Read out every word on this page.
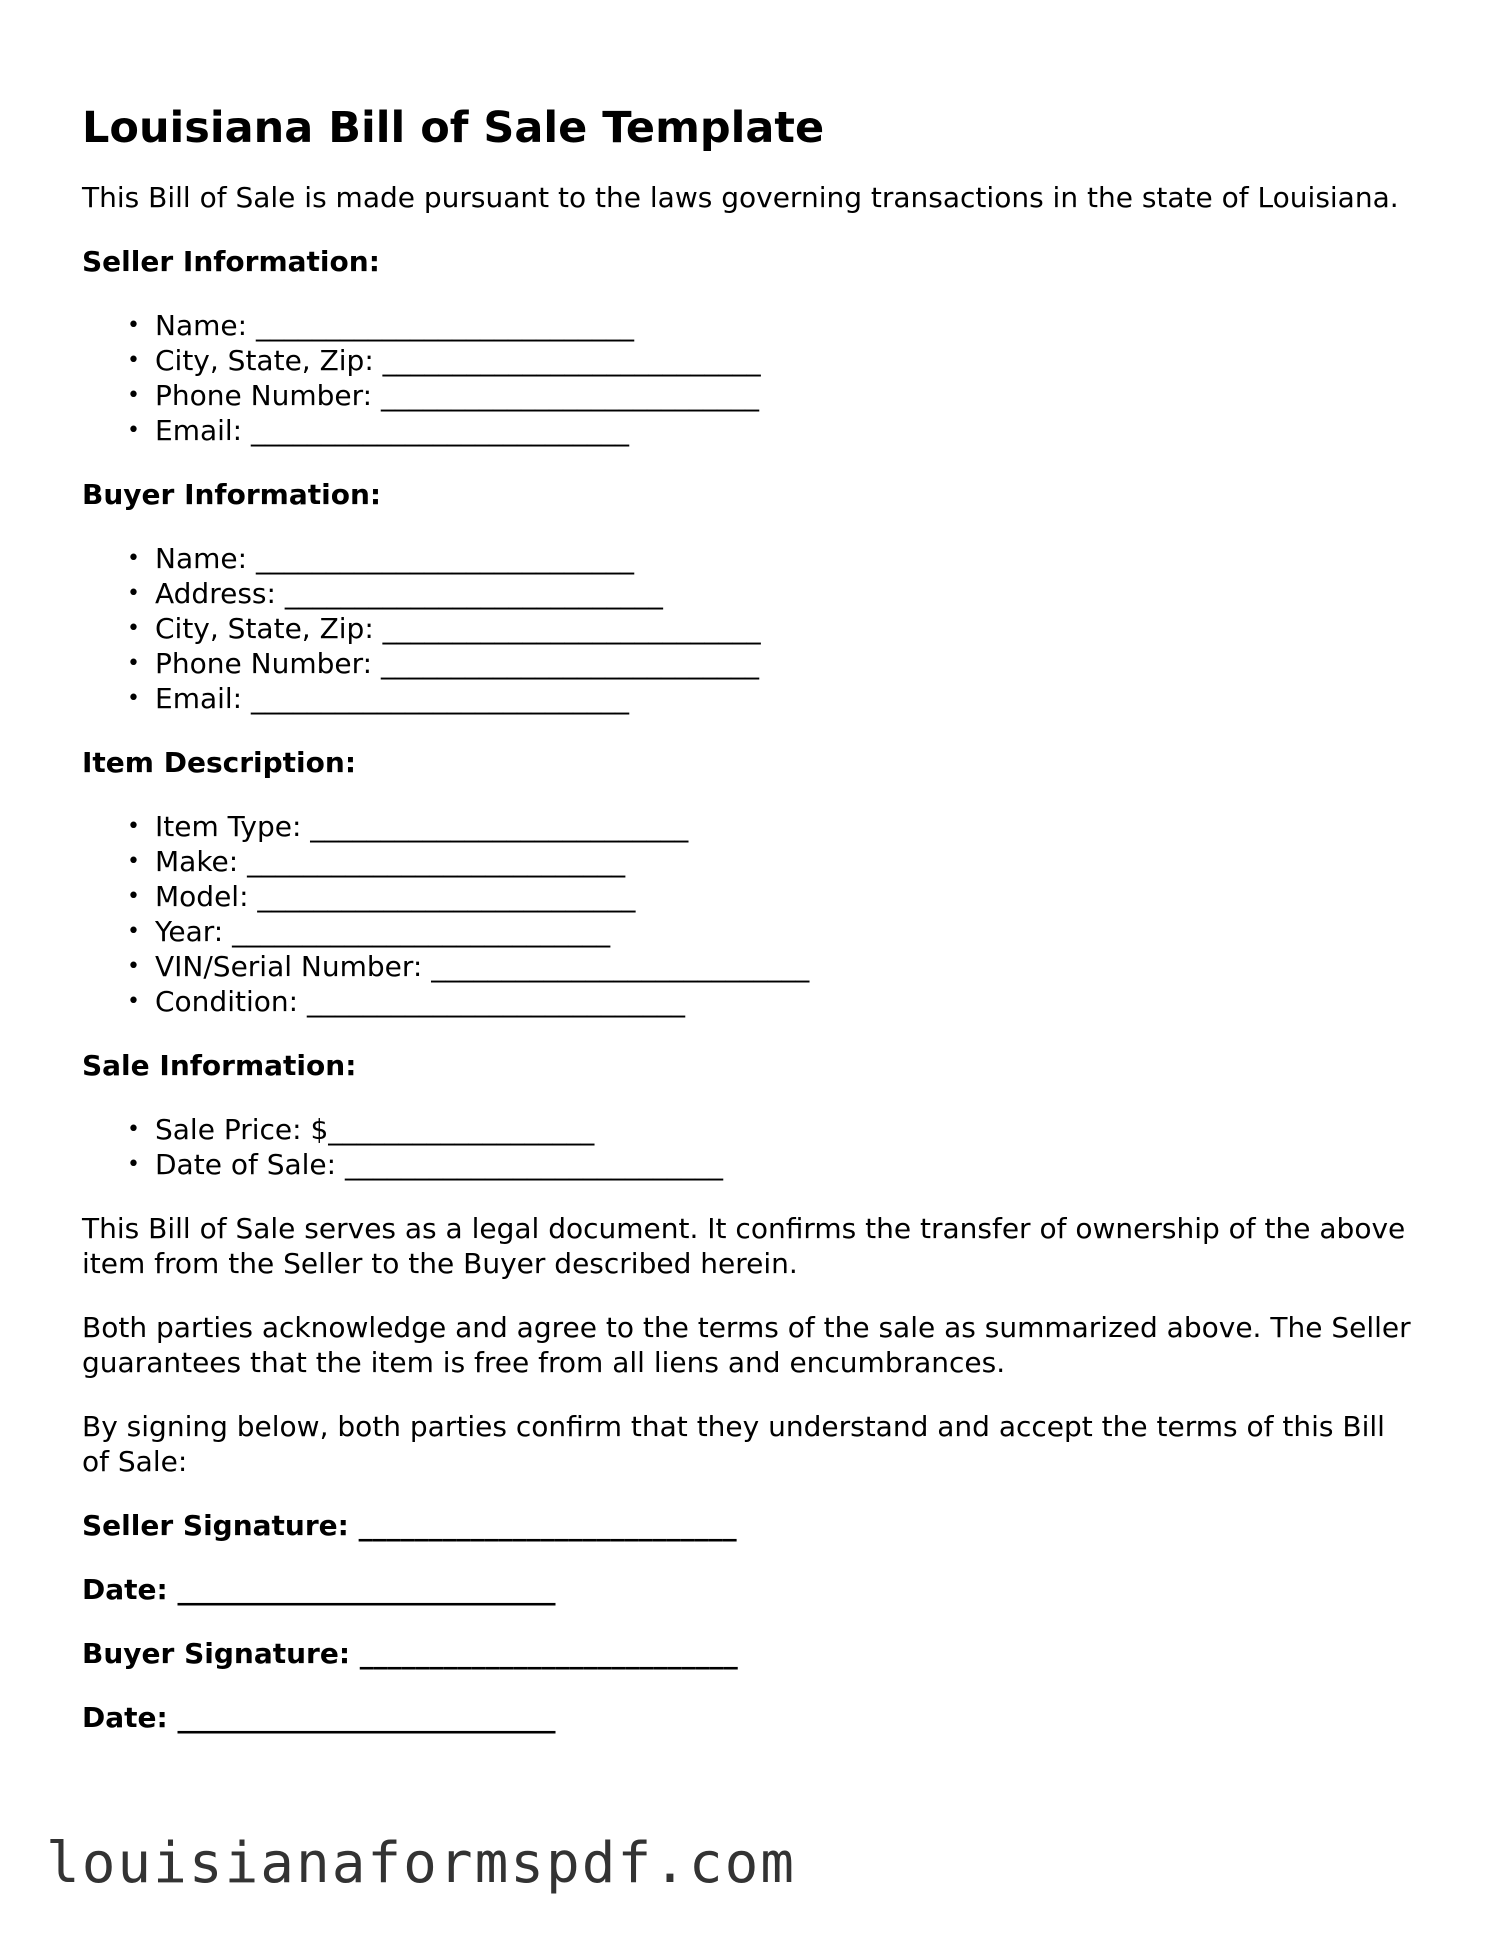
Louisiana Bill of Sale Template

This Bill of Sale is made pursuant to the laws governing transactions in the state of Louisiana.

Seller Information:
• Name: ___________________________
• City, State, Zip: ___________________________
• Phone Number: ___________________________
• Email: ___________________________
Buyer Information:
• Name: ___________________________
• Address: ___________________________
• City, State, Zip: ___________________________
• Phone Number: ___________________________
• Email: ___________________________
Item Description:
• Item Type: ___________________________
• Make: ___________________________
• Model: ___________________________
• Year: ___________________________
• VIN/Serial Number: ___________________________
• Condition: ___________________________
Sale Information:
• Sale Price: $___________________
• Date of Sale: ___________________________

This Bill of Sale serves as a legal document. It confirms the transfer of ownership of the above item from the Seller to the Buyer described herein.

Both parties acknowledge and agree to the terms of the sale as summarized above. The Seller guarantees that the item is free from all liens and encumbrances.

By signing below, both parties confirm that they understand and accept the terms of this Bill of Sale:

Seller Signature: ___________________________
Date: ___________________________
Buyer Signature: ___________________________
Date: ___________________________
louisianaformspdf.com
